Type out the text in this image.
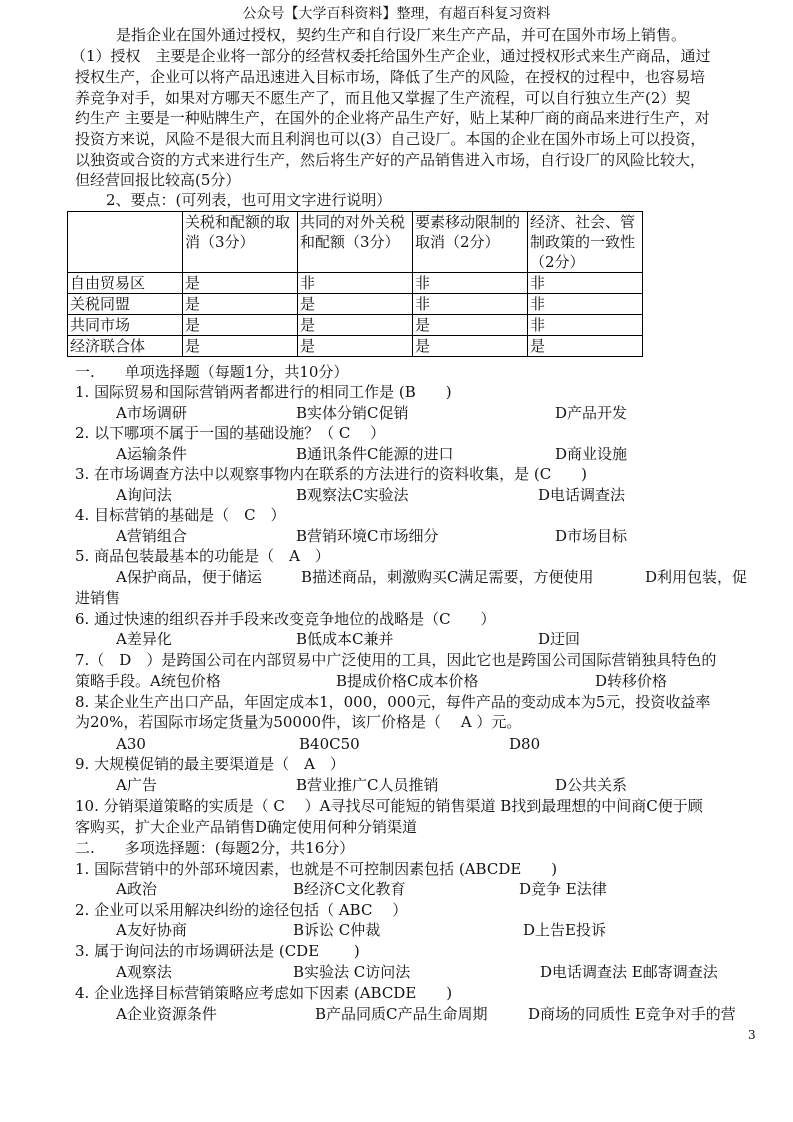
公众号【大学百科资料】整理，有超百科复习资料
是指企业在国外通过授权，契约生产和自行设厂来生产产品，并可在国外市场上销售。
（1）授权　主要是企业将一部分的经营权委托给国外生产企业，通过授权形式来生产商品，通过
授权生产，企业可以将产品迅速进入目标市场，降低了生产的风险，在授权的过程中，也容易培
养竞争对手，如果对方哪天不愿生产了，而且他又掌握了生产流程，可以自行独立生产(2）契
约生产 主要是一种贴牌生产，在国外的企业将产品生产好，贴上某种厂商的商品来进行生产，对
投资方来说，风险不是很大而且利润也可以(3）自己设厂。本国的企业在国外市场上可以投资，
以独资或合资的方式来进行生产，然后将生产好的产品销售进入市场，自行设厂的风险比较大，
但经营回报比较高(5分）
2、要点：(可列表，也可用文字进行说明）
	关税和配额的取消（3分）	共同的对外关税和配额（3分）	要素移动限制的取消（2分）	经济、社会、管制政策的一致性（2分）
自由贸易区	是	非	非	非
关税同盟	是	是	非	非
共同市场	是	是	是	非
经济联合体	是	是	是	是
一.　　单项选择题（每题1分，共10分）
1. 国际贸易和国际营销两者都进行的相同工作是 (B　　)
A市场调研	B实体分销C促销	D产品开发
2. 以下哪项不属于一国的基础设施？（ C　 ）
A运输条件	B通讯条件C能源的进口	D商业设施
3. 在市场调查方法中以观察事物内在联系的方法进行的资料收集，是 (C　　)
A询问法	B观察法C实验法	D电话调查法
4. 目标营销的基础是（　C　）
A营销组合	B营销环境C市场细分	D市场目标
5. 商品包装最基本的功能是（　A　）
A保护商品，便于储运	B描述商品，刺激购买C满足需要，方便使用	D利用包装，促
进销售
6. 通过快速的组织吞并手段来改变竞争地位的战略是（C　　）
A差异化	B低成本C兼并	D迂回
7.（　D　）是跨国公司在内部贸易中广泛使用的工具，因此它也是跨国公司国际营销独具特色的
策略手段。A统包价格	B提成价格C成本价格	D转移价格
8. 某企业生产出口产品，年固定成本1，000，000元，每件产品的变动成本为5元，投资收益率
为20%，若国际市场定货量为50000件，该厂价格是（　 A ）元。
A30	B40C50	D80
9. 大规模促销的最主要渠道是（　A　）
A广告	B营业推广C人员推销	D公共关系
10. 分销渠道策略的实质是（ C　 ）A寻找尽可能短的销售渠道 B找到最理想的中间商C便于顾
客购买，扩大企业产品销售D确定使用何种分销渠道
二.　　多项选择题：(每题2分，共16分）
1. 国际营销中的外部环境因素，也就是不可控制因素包括 (ABCDE　　)
A政治	B经济C文化教育	D竞争 E法律
2. 企业可以采用解决纠纷的途径包括（ ABC　 ）
A友好协商	B诉讼 C仲裁	D上告E投诉
3. 属于询问法的市场调研法是 (CDE　　 )
A观察法	B实验法 C访问法	D电话调查法 E邮寄调查法
4. 企业选择目标营销策略应考虑如下因素 (ABCDE　　)
A企业资源条件	B产品同质C产品生命周期	D商场的同质性 E竞争对手的营
3
